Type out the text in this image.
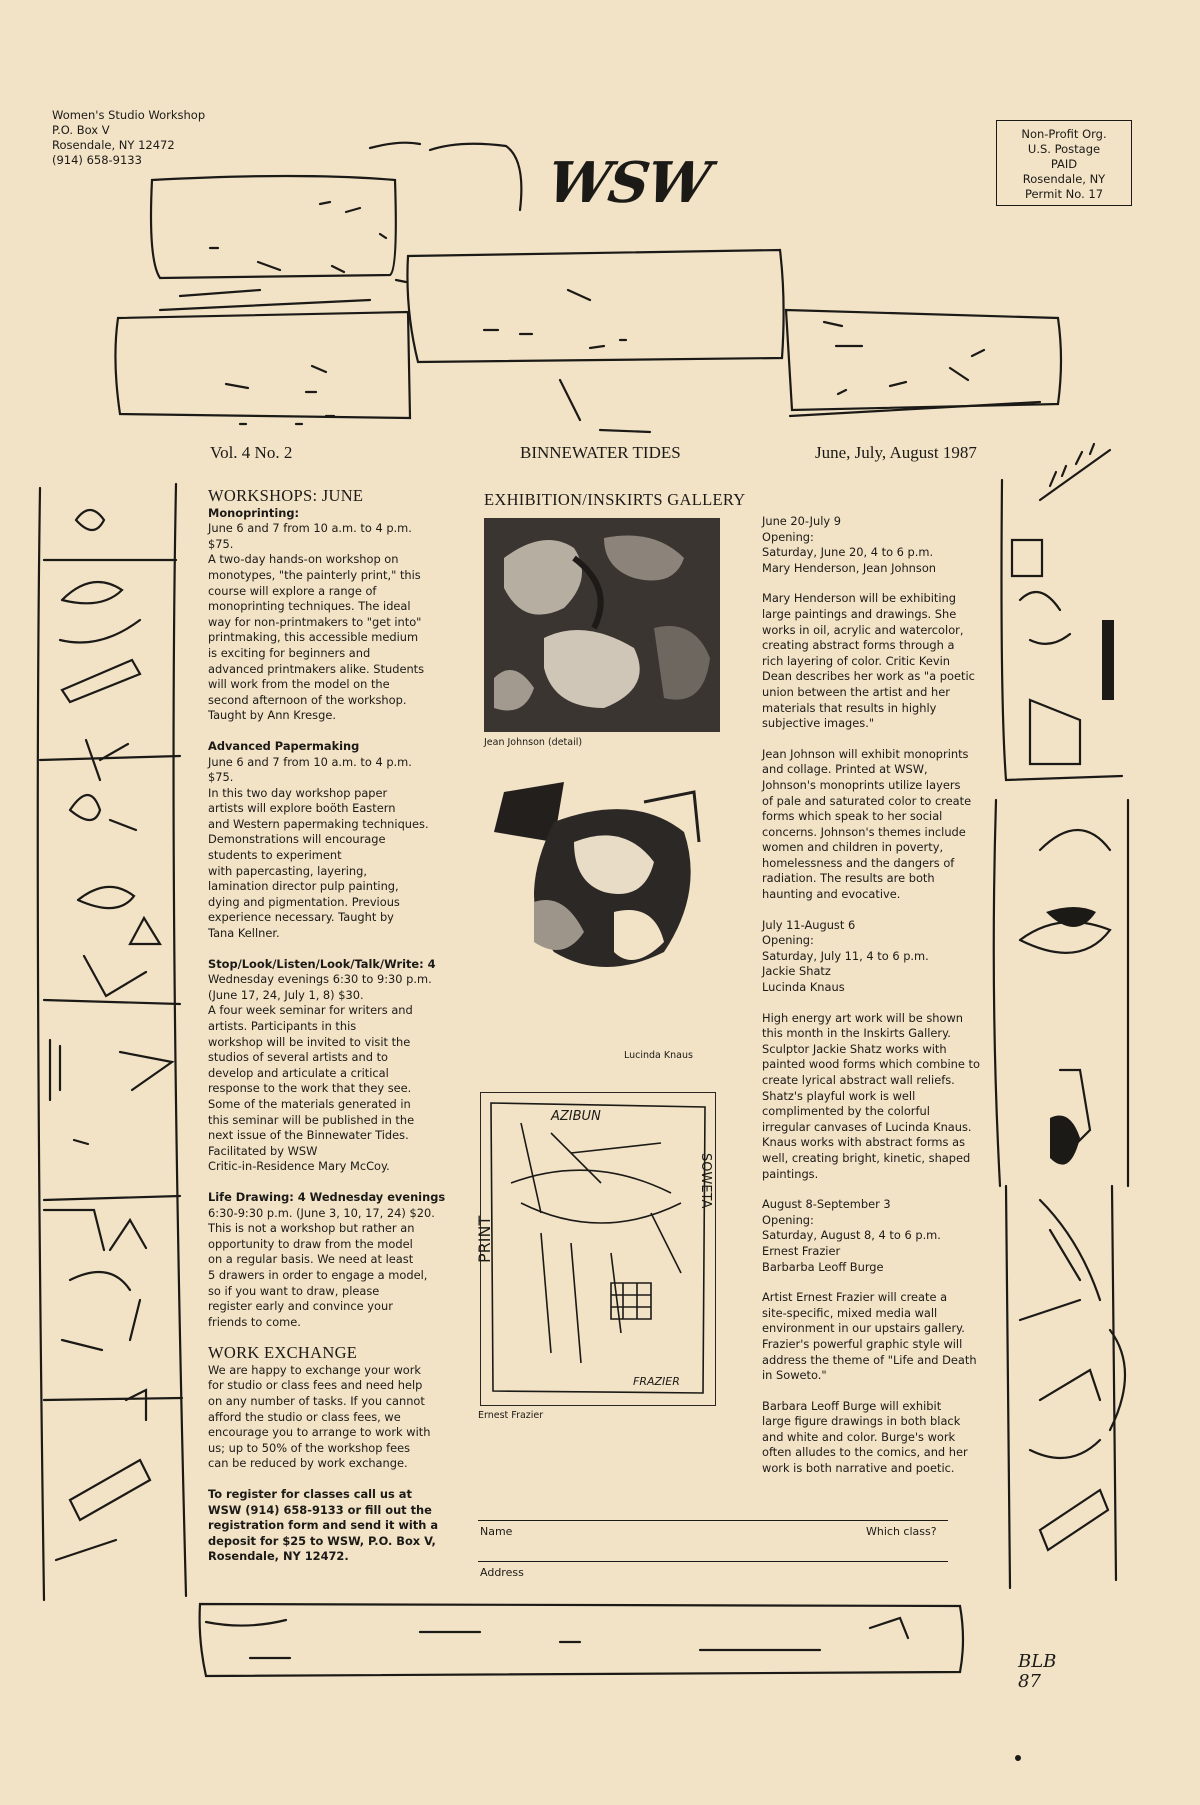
Women's Studio Workshop
P.O. Box V
Rosendale, NY 12472
(914) 658-9133
Non-Profit Org.
U.S. Postage
PAID
Rosendale, NY
Permit No. 17
WSW
Vol. 4 No. 2	BINNEWATER TIDES	June, July, August 1987
WORKSHOPS: JUNE

Monoprinting:
June 6 and 7 from 10 a.m. to 4 p.m.
$75.
A two-day hands-on workshop on
monotypes, "the painterly print," this
course will explore a range of
monoprinting techniques. The ideal
way for non-printmakers to "get into"
printmaking, this accessible medium
is exciting for beginners and
advanced printmakers alike. Students
will work from the model on the
second afternoon of the workshop.
Taught by Ann Kresge.

Advanced Papermaking
June 6 and 7 from 10 a.m. to 4 p.m.
$75.
In this two day workshop paper
artists will explore boöth Eastern
and Western papermaking techniques.
Demonstrations will encourage
students to experiment
with papercasting, layering,
lamination director pulp painting,
dying and pigmentation. Previous
experience necessary. Taught by
Tana Kellner.

Stop/Look/Listen/Look/Talk/Write: 4
Wednesday evenings 6:30 to 9:30 p.m.
(June 17, 24, July 1, 8) $30.
A four week seminar for writers and
artists. Participants in this
workshop will be invited to visit the
studios of several artists and to
develop and articulate a critical
response to the work that they see.
Some of the materials generated in
this seminar will be published in the
next issue of the Binnewater Tides.
Facilitated by WSW
Critic-in-Residence Mary McCoy.

Life Drawing: 4 Wednesday evenings
6:30-9:30 p.m. (June 3, 10, 17, 24) $20.
This is not a workshop but rather an
opportunity to draw from the model
on a regular basis. We need at least
5 drawers in order to engage a model,
so if you want to draw, please
register early and convince your
friends to come.

WORK EXCHANGE

We are happy to exchange your work
for studio or class fees and need help
on any number of tasks. If you cannot
afford the studio or class fees, we
encourage you to arrange to work with
us; up to 50% of the workshop fees
can be reduced by work exchange.

To register for classes call us at
WSW (914) 658-9133 or fill out the
registration form and send it with a
deposit for $25 to WSW, P.O. Box V,
Rosendale, NY 12472.

EXHIBITION/INSKIRTS GALLERY
Jean Johnson (detail)
Lucinda Knaus
AZIBUN
PRINT
SOWETA
FRAZIER
Ernest Frazier

June 20-July 9
Opening:
Saturday, June 20, 4 to 6 p.m.
Mary Henderson, Jean Johnson

Mary Henderson will be exhibiting
large paintings and drawings. She
works in oil, acrylic and watercolor,
creating abstract forms through a
rich layering of color. Critic Kevin
Dean describes her work as "a poetic
union between the artist and her
materials that results in highly
subjective images."

Jean Johnson will exhibit monoprints
and collage. Printed at WSW,
Johnson's monoprints utilize layers
of pale and saturated color to create
forms which speak to her social
concerns. Johnson's themes include
women and children in poverty,
homelessness and the dangers of
radiation. The results are both
haunting and evocative.

July 11-August 6
Opening:
Saturday, July 11, 4 to 6 p.m.
Jackie Shatz
Lucinda Knaus

High energy art work will be shown
this month in the Inskirts Gallery.
Sculptor Jackie Shatz works with
painted wood forms which combine to
create lyrical abstract wall reliefs.
Shatz's playful work is well
complimented by the colorful
irregular canvases of Lucinda Knaus.
Knaus works with abstract forms as
well, creating bright, kinetic, shaped
paintings.

August 8-September 3
Opening:
Saturday, August 8, 4 to 6 p.m.
Ernest Frazier
Barbarba Leoff Burge

Artist Ernest Frazier will create a
site-specific, mixed media wall
environment in our upstairs gallery.
Frazier's powerful graphic style will
address the theme of "Life and Death
in Soweto."

Barbara Leoff Burge will exhibit
large figure drawings in both black
and white and color. Burge's work
often alludes to the comics, and her
work is both narrative and poetic.

Name	Which class?
Address
BLB 87
